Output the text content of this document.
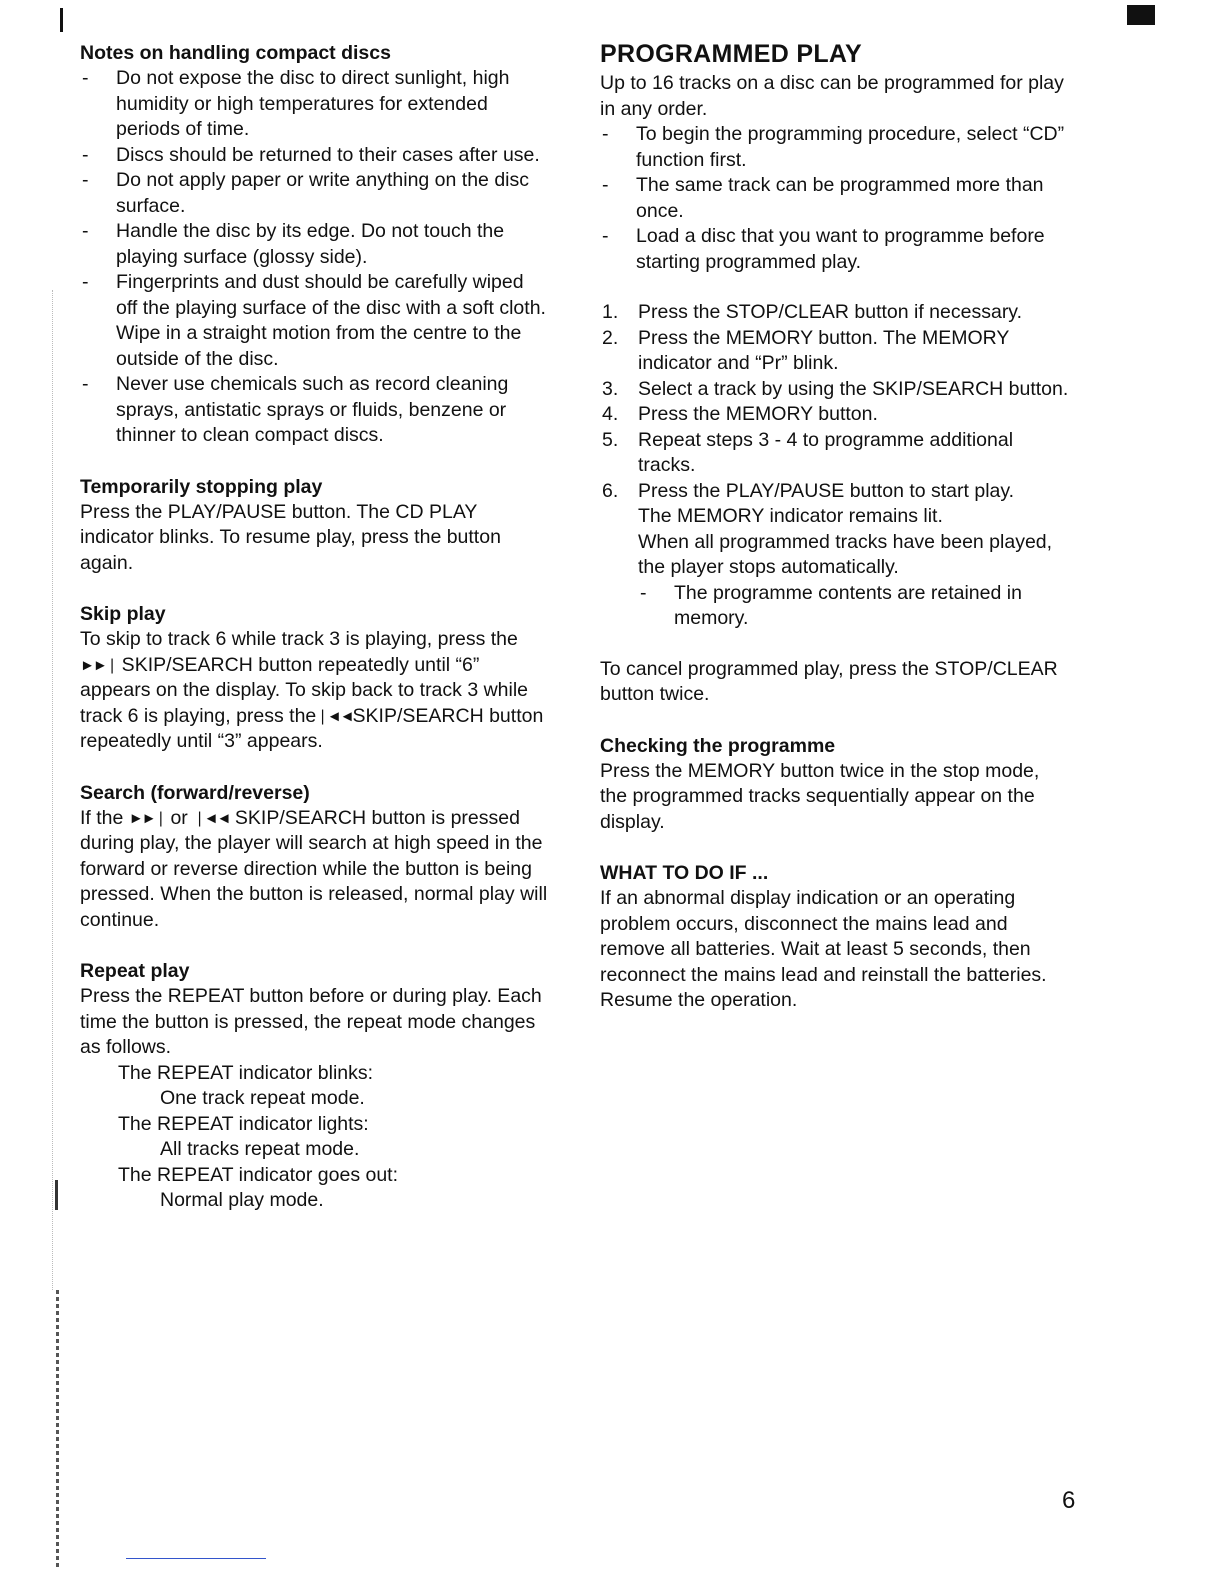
Notes on handling compact discs
- Do not expose the disc to direct sunlight, high humidity or high temperatures for extended periods of time.
- Discs should be returned to their cases after use.
- Do not apply paper or write anything on the disc surface.
- Handle the disc by its edge. Do not touch the playing surface (glossy side).
- Fingerprints and dust should be carefully wiped off the playing surface of the disc with a soft cloth.
Wipe in a straight motion from the centre to the outside of the disc.
- Never use chemicals such as record cleaning sprays, antistatic sprays or fluids, benzene or thinner to clean compact discs.
Temporarily stopping play

Press the PLAY/PAUSE button. The CD PLAY indicator blinks. To resume play, press the button again.

Skip play

To skip to track 6 while track 3 is playing, press the ►►❘ SKIP/SEARCH button repeatedly until “6” appears on the display. To skip back to track 3 while track 6 is playing, press the❘◄◄SKIP/SEARCH button repeatedly until “3” appears.

Search (forward/reverse)

If the ►►❘ or ❘◄◄ SKIP/SEARCH button is pressed during play, the player will search at high speed in the forward or reverse direction while the button is being pressed. When the button is released, normal play will continue.

Repeat play

Press the REPEAT button before or during play. Each time the button is pressed, the repeat mode changes as follows.

The REPEAT indicator blinks:

One track repeat mode.

The REPEAT indicator lights:

All tracks repeat mode.

The REPEAT indicator goes out:

Normal play mode.

PROGRAMMED PLAY

Up to 16 tracks on a disc can be programmed for play in any order.

- To begin the programming procedure, select “CD” function first.
- The same track can be programmed more than once.
- Load a disc that you want to programme before starting programmed play.
1. Press the STOP/CLEAR button if necessary.
2. Press the MEMORY button. The MEMORY indicator and “Pr” blink.
3. Select a track by using the SKIP/SEARCH button.
4. Press the MEMORY button.
5. Repeat steps 3 - 4 to programme additional tracks.
6. Press the PLAY/PAUSE button to start play.
The MEMORY indicator remains lit.
When all programmed tracks have been played, the player stops automatically.
- The programme contents are retained in memory.

To cancel programmed play, press the STOP/CLEAR button twice.

Checking the programme

Press the MEMORY button twice in the stop mode, the programmed tracks sequentially appear on the display.

WHAT TO DO IF ...

If an abnormal display indication or an operating problem occurs, disconnect the mains lead and remove all batteries. Wait at least 5 seconds, then reconnect the mains lead and reinstall the batteries. Resume the operation.

6
